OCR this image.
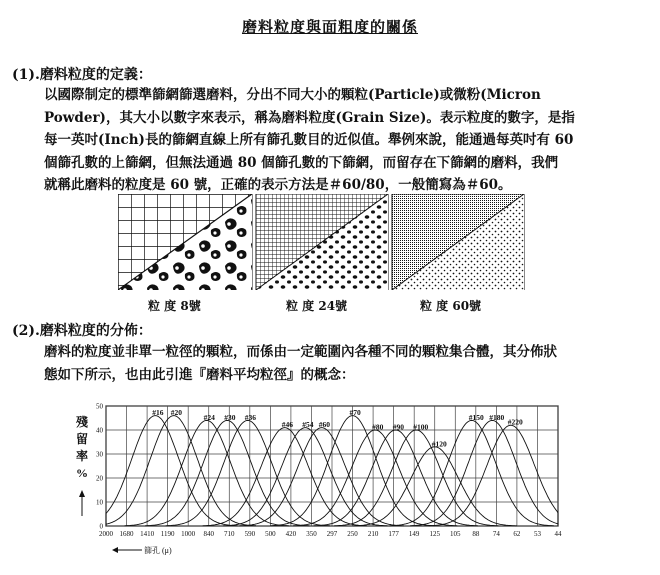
磨料粒度與面粗度的關係
(1).磨料粒度的定義：
以國際制定的標準篩網篩選磨料，分出不同大小的顆粒(Particle)或微粉(Micron
Powder)，其大小以數字來表示，稱為磨料粒度(Grain Size)。表示粒度的數字，是指
每一英吋(Inch)長的篩網直線上所有篩孔數目的近似值。舉例來說，能通過每英吋有 60
個篩孔數的上篩網，但無法通過 80 個篩孔數的下篩網，而留存在下篩網的磨料，我們
就稱此磨料的粒度是 60 號，正確的表示方法是＃60/80，一般簡寫為＃60。
粒 度 8號	粒 度 24號	粒 度 60號
(2).磨料粒度的分佈：
磨料的粒度並非單一粒徑的顆粒，而係由一定範圍內各種不同的顆粒集合體，其分佈狀
態如下所示，也由此引進『磨料平均粒徑』的概念：
殘
留
率
%
#16 #20
#24 #30 #36
#46 #54 #60
#70
#80 #90 #100
#120
#150 #180
#220
2000 1680 1410 1190 1000 840 710 590 500 420 350 297 250 210 177 149 125 105 88 74 62 53 44
0
10
20
30
40
50
篩孔 (μ)
